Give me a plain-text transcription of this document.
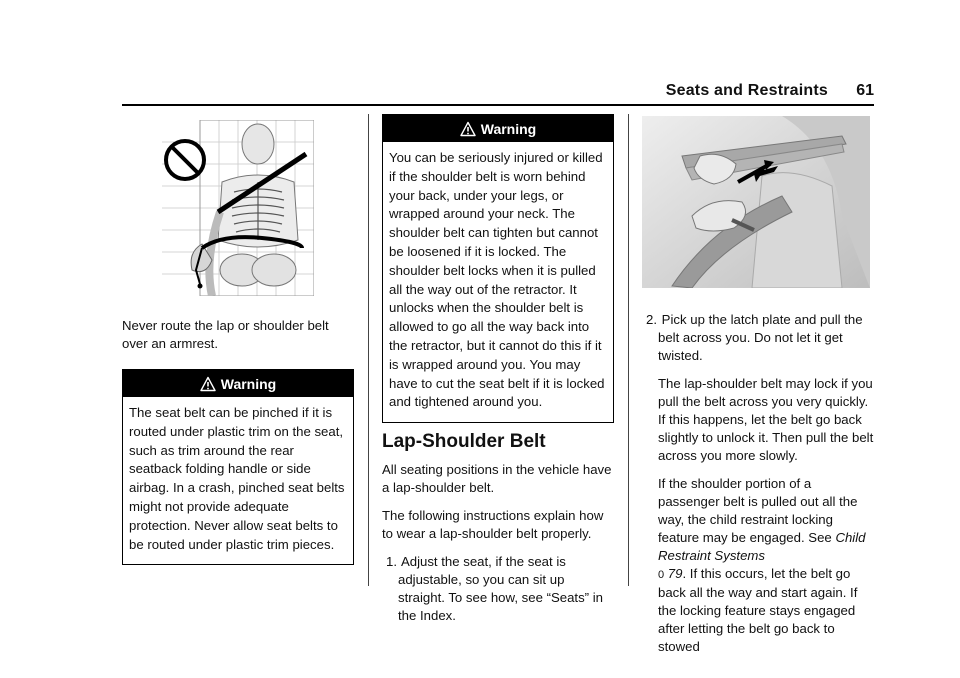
Seats and Restraints 61

Never route the lap or shoulder belt over an armrest.

Warning
The seat belt can be pinched if it is routed under plastic trim on the seat, such as trim around the rear seatback folding handle or side airbag. In a crash, pinched seat belts might not provide adequate protection. Never allow seat belts to be routed under plastic trim pieces.
Warning
You can be seriously injured or killed if the shoulder belt is worn behind your back, under your legs, or wrapped around your neck. The shoulder belt can tighten but cannot be loosened if it is locked. The shoulder belt locks when it is pulled all the way out of the retractor. It unlocks when the shoulder belt is allowed to go all the way back into the retractor, but it cannot do this if it is wrapped around you. You may have to cut the seat belt if it is locked and tightened around you.
Lap-Shoulder Belt

All seating positions in the vehicle have a lap-shoulder belt.

The following instructions explain how to wear a lap-shoulder belt properly.

1. Adjust the seat, if the seat is adjustable, so you can sit up straight. To see how, see “Seats” in the Index.

2. Pick up the latch plate and pull the belt across you. Do not let it get twisted.

The lap-shoulder belt may lock if you pull the belt across you very quickly. If this happens, let the belt go back slightly to unlock it. Then pull the belt across you more slowly.

If the shoulder portion of a passenger belt is pulled out all the way, the child restraint locking feature may be engaged. See Child Restraint Systems
0 79. If this occurs, let the belt go back all the way and start again. If the locking feature stays engaged after letting the belt go back to stowed
